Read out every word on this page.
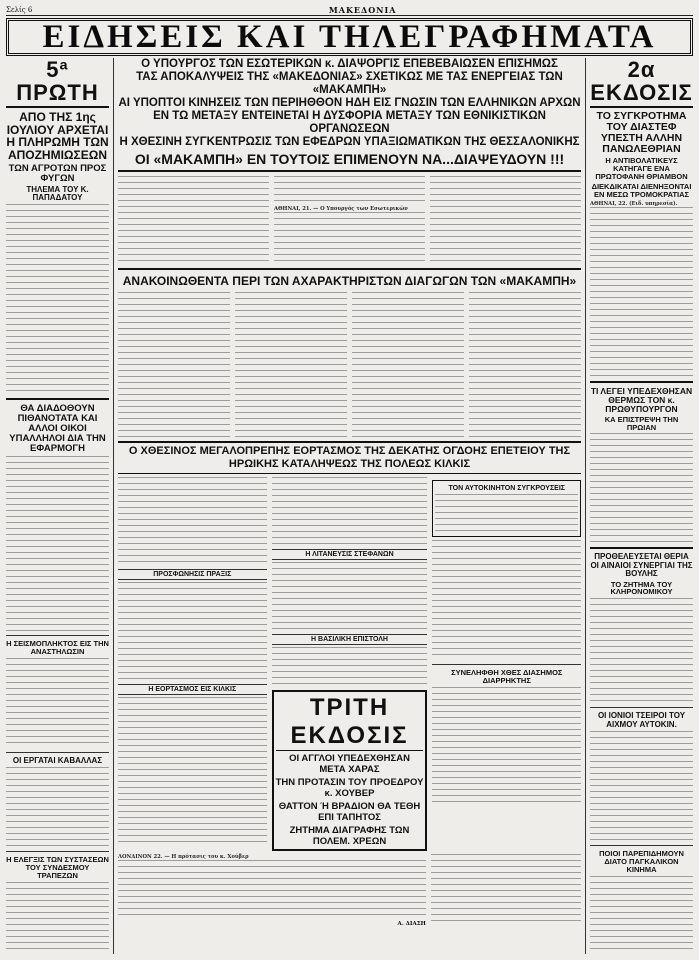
Σελίς 6	ΜΑΚΕΔΟΝΙΑ
ΕΙΔΗΣΕΙΣ ΚΑΙ ΤΗΛΕΓΡΑΦΗΜΑΤΑ
5ª ΠΡΩΤΗ
ΑΠΟ ΤΗΣ 1ης ΙΟΥΛΙΟΥ ΑΡΧΕΤΑΙ Η ΠΛΗΡΩΜΗ ΤΩΝ ΑΠΟΖΗΜΙΩΣΕΩΝ
ΤΩΝ ΑΓΡΟΤΩΝ ΠΡΟΣ ΦΥΓΩΝ
ΤΗΛΕΜΑ ΤΟΥ Κ. ΠΑΠΑΔΑΤΟΥ
ΘΑ ΔΙΑΔΟΘΟΥΝ ΠΙΘΑΝΟΤΑΤΑ ΚΑΙ ΑΛΛΟΙ ΟΙΚΟΙ ΥΠΑΛΛΗΛΟΙ ΔΙΑ ΤΗΝ ΕΦΑΡΜΟΓΗ
Η ΣΕΙΣΜΟΠΛΗΚΤΟΣ ΕΙΣ ΤΗΝ ΑΝΑΣΤΗΛΩΣΙΝ
ΟΙ ΕΡΓΑΤΑΙ ΚΑΒΑΛΛΑΣ
Η ΕΛΕΓΞΙΣ ΤΩΝ ΣΥΣΤΑΣΕΩΝ ΤΟΥ ΣΥΝΔΕΣΜΟΥ ΤΡΑΠΕΖΩΝ
Ο ΥΠΟΥΡΓΟΣ ΤΩΝ ΕΣΩΤΕΡΙΚΩΝ κ. ΔΙΑΨΟΡΓΙΣ ΕΠΕΒΕΒΑΙΩΣΕΝ ΕΠΙΣΗΜΩΣ
ΤΑΣ ΑΠΟΚΑΛΥΨΕΙΣ ΤΗΣ «ΜΑΚΕΔΟΝΙΑΣ» ΣΧΕΤΙΚΩΣ ΜΕ ΤΑΣ ΕΝΕΡΓΕΙΑΣ ΤΩΝ «ΜΑΚΑΜΠΗ»
ΑΙ ΥΠΟΠΤΟΙ ΚΙΝΗΣΕΙΣ ΤΩΝ ΠΕΡΙΗΘΘΟΝ ΗΔΗ ΕΙΣ ΓΝΩΣΙΝ ΤΩΝ ΕΛΛΗΝΙΚΩΝ ΑΡΧΩΝ
ΕΝ ΤΩ ΜΕΤΑΞΥ ΕΝΤΕΙΝΕΤΑΙ Η ΔΥΣΦΟΡΙΑ ΜΕΤΑΞΥ ΤΩΝ ΕΘΝΙΚΙΣΤΙΚΩΝ ΟΡΓΑΝΩΣΕΩΝ
Η ΧΘΕΣΙΝΗ ΣΥΓΚΕΝΤΡΩΣΙΣ ΤΩΝ ΕΦΕΔΡΩΝ ΥΠΑΞΙΩΜΑΤΙΚΩΝ ΤΗΣ ΘΕΣΣΑΛΟΝΙΚΗΣ
ΟΙ «ΜΑΚΑΜΠΗ» ΕΝ ΤΟΥΤΟΙΣ ΕΠΙΜΕΝΟΥΝ ΝΑ...ΔΙΑΨΕΥΔΟΥΝ !!!
ΑΘΗΝΑΙ, 21. — Ο Υπουργός των Εσωτερικών
ΑΝΑΚΟΙΝΩΘΕΝΤΑ ΠΕΡΙ ΤΩΝ ΑΧΑΡΑΚΤΗΡΙΣΤΩΝ ΔΙΑΓΩΓΩΝ ΤΩΝ «ΜΑΚΑΜΠΗ»
Ο ΧΘΕΣΙΝΟΣ ΜΕΓΑΛΟΠΡΕΠΗΣ ΕΟΡΤΑΣΜΟΣ ΤΗΣ ΔΕΚΑΤΗΣ ΟΓΔΟΗΣ ΕΠΕΤΕΙΟΥ ΤΗΣ ΗΡΩΙΚΗΣ ΚΑΤΑΛΗΨΕΩΣ ΤΗΣ ΠΟΛΕΩΣ ΚΙΛΚΙΣ
ΠΡΟΣΦΩΝΗΣΙΣ ΠΡΑΞΙΣ
Η ΕΟΡΤΑΣΜΟΣ ΕΙΣ ΚΙΛΚΙΣ
Η ΛΙΤΑΝΕΥΣΙΣ ΣΤΕΦΑΝΩΝ
Η ΒΑΣΙΛΙΚΗ ΕΠΙΣΤΟΛΗ
ΤΡΙΤΗ ΕΚΔΟΣΙΣ
ΟΙ ΑΓΓΛΟΙ ΥΠΕΔΕΧΘΗΣΑΝ ΜΕΤΑ ΧΑΡΑΣ
ΤΗΝ ΠΡΟΤΑΣΙΝ ΤΟΥ ΠΡΟΕΔΡΟΥ κ. ΧΟΥΒΕΡ
ΘΑΤΤΟΝ Ή ΒΡΑΔΙΟΝ ΘΑ ΤΕΘΗ ΕΠΙ ΤΑΠΗΤΟΣ
ΖΗΤΗΜΑ ΔΙΑΓΡΑΦΗΣ ΤΩΝ ΠΟΛΕΜ. ΧΡΕΩΝ
ΤΟΝ ΑΥΤΟΚΙΝΗΤΟΝ ΣΥΓΚΡΟΥΣΕΙΣ
ΣΥΝΕΛΗΦΘΗ ΧΘΕΣ ΔΙΑΣΗΜΟΣ ΔΙΑΡΡΗΚΤΗΣ
ΛΟΝΔΙΝΟΝ 22. — Η πρότασις του κ. Χούβερ
Α. ΔΙΑΣΗ
2α ΕΚΔΟΣΙΣ
ΤΟ ΣΥΓΚΡΟΤΗΜΑ ΤΟΥ ΔΙΑΣΤΕΦ ΥΠΕΣΤΗ ΑΛΛΗΝ ΠΑΝΩΛΕΘΡΙΑΝ
Η ΑΝΤΙΒΟΛΑΤΙΚΕΥΣ ΚΑΤΗΓΑΓΕ ΕΝΑ ΠΡΩΤΟΦΑΝΗ ΘΡΙΑΜΒΟΝ
ΔΙΕΚΔΙΚΑΤΑΙ ΔΙΕΝΗΞΟΝΤΑΙ ΕΝ ΜΕΣΩ ΤΡΟΜΟΚΡΑΤΙΑΣ
ΑΘΗΝΑΙ, 22. (Ειδ. υπηρεσία).
ΤΙ ΛΕΓΕΙ ΥΠΕΔΕΧΘΗΣΑΝ ΘΕΡΜΩΣ ΤΟΝ κ. ΠΡΩΘΥΠΟΥΡΓΟΝ
ΚΑ ΕΠΙΣΤΡΕΨΗ ΤΗΝ ΠΡΩΙΑΝ
ΠΡΟΘΕΛΕΥΣΕΤΑΙ ΘΕΡΙΑ ΟΙ ΑΙΝΑΙΟΙ ΣΥΝΕΡΓΙΑΙ ΤΗΣ ΒΟΥΛΗΣ
ΤΟ ΖΗΤΗΜΑ ΤΟΥ ΚΛΗΡΟΝΟΜΙΚΟΥ
ΟΙ ΙΟΝΙΟΙ ΤΣΕΙΡΟΙ ΤΟΥ ΑΙΧΜΟΥ ΑΥΤΟΚΙΝ.
ΠΟΙΟΙ ΠΑΡΕΠΙΔΗΜΟΥΝ ΔΙΑΤΟ ΠΑΓΚΑΛΙΚΟΝ ΚΙΝΗΜΑ
